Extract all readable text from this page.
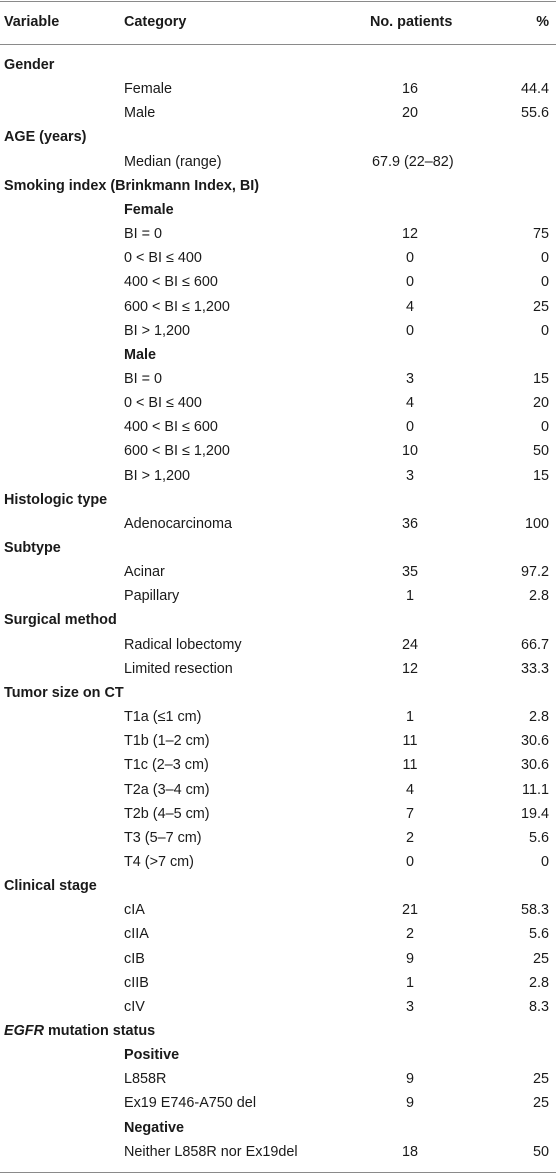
Variable	Category	No. patients	%
Gender
Female	16	44.4
Male	20	55.6
AGE (years)
Median (range)	67.9 (22–82)
Smoking index (Brinkmann Index, BI)
Female
BI = 0	12	75
0 < BI ≤ 400	0	0
400 < BI ≤ 600	0	0
600 < BI ≤ 1,200	4	25
BI > 1,200	0	0
Male
BI = 0	3	15
0 < BI ≤ 400	4	20
400 < BI ≤ 600	0	0
600 < BI ≤ 1,200	10	50
BI > 1,200	3	15
Histologic type
Adenocarcinoma	36	100
Subtype
Acinar	35	97.2
Papillary	1	2.8
Surgical method
Radical lobectomy	24	66.7
Limited resection	12	33.3
Tumor size on CT
T1a (≤1 cm)	1	2.8
T1b (1–2 cm)	11	30.6
T1c (2–3 cm)	11	30.6
T2a (3–4 cm)	4	11.1
T2b (4–5 cm)	7	19.4
T3 (5–7 cm)	2	5.6
T4 (>7 cm)	0	0
Clinical stage
cIA	21	58.3
cIIA	2	5.6
cIB	9	25
cIIB	1	2.8
cIV	3	8.3
EGFR mutation status
Positive
L858R	9	25
Ex19 E746-A750 del	9	25
Negative
Neither L858R nor Ex19del	18	50
